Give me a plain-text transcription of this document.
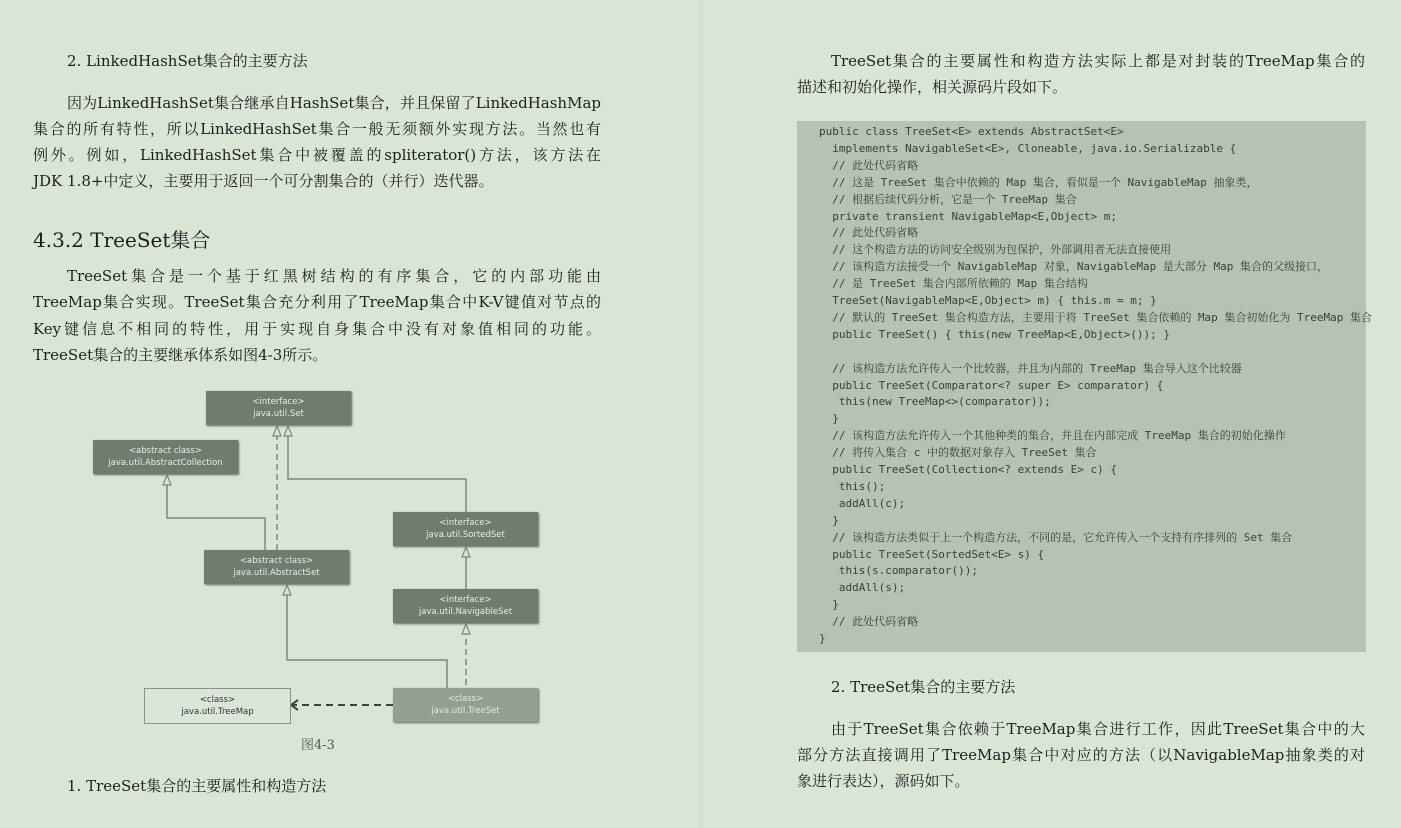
2. LinkedHashSet集合的主要方法
因为LinkedHashSet集合继承自HashSet集合，并且保留了LinkedHashMap
集合的所有特性，所以LinkedHashSet集合一般无须额外实现方法。当然也有
例外。例如，LinkedHashSet集合中被覆盖的spliterator()方法，该方法在
JDK 1.8+中定义，主要用于返回一个可分割集合的（并行）迭代器。
4.3.2 TreeSet集合
TreeSet集合是一个基于红黑树结构的有序集合，它的内部功能由
TreeMap集合实现。TreeSet集合充分利用了TreeMap集合中K-V键值对节点的
Key键信息不相同的特性，用于实现自身集合中没有对象值相同的功能。
TreeSet集合的主要继承体系如图4-3所示。
<interface>
java.util.Set
<abstract class>
java.util.AbstractCollection
<interface>
java.util.SortedSet
<abstract class>
java.util.AbstractSet
<interface>
java.util.NavigableSet
<class>
java.util.TreeMap
<class>
java.util.TreeSet
图4-3
1. TreeSet集合的主要属性和构造方法
TreeSet集合的主要属性和构造方法实际上都是对封装的TreeMap集合的
描述和初始化操作，相关源码片段如下。
public class TreeSet<E> extends AbstractSet<E>
implements NavigableSet<E>, Cloneable, java.io.Serializable {
// 此处代码省略
// 这是 TreeSet 集合中依赖的 Map 集合，看似是一个 NavigableMap 抽象类，
// 根据后续代码分析，它是一个 TreeMap 集合
private transient NavigableMap<E,Object> m;
// 此处代码省略
// 这个构造方法的访问安全级别为包保护，外部调用者无法直接使用
// 该构造方法接受一个 NavigableMap 对象，NavigableMap 是大部分 Map 集合的父级接口，
// 是 TreeSet 集合内部所依赖的 Map 集合结构
TreeSet(NavigableMap<E,Object> m) { this.m = m; }
// 默认的 TreeSet 集合构造方法，主要用于将 TreeSet 集合依赖的 Map 集合初始化为 TreeMap 集合
public TreeSet() { this(new TreeMap<E,Object>()); }
// 该构造方法允许传入一个比较器，并且为内部的 TreeMap 集合导入这个比较器
public TreeSet(Comparator<? super E> comparator) {
this(new TreeMap<>(comparator));
}
// 该构造方法允许传入一个其他种类的集合，并且在内部完成 TreeMap 集合的初始化操作
// 将传入集合 c 中的数据对象存入 TreeSet 集合
public TreeSet(Collection<? extends E> c) {
this();
addAll(c);
}
// 该构造方法类似于上一个构造方法，不同的是，它允许传入一个支持有序排列的 Set 集合
public TreeSet(SortedSet<E> s) {
this(s.comparator());
addAll(s);
}
// 此处代码省略
}
2. TreeSet集合的主要方法
由于TreeSet集合依赖于TreeMap集合进行工作，因此TreeSet集合中的大
部分方法直接调用了TreeMap集合中对应的方法（以NavigableMap抽象类的对
象进行表达），源码如下。
